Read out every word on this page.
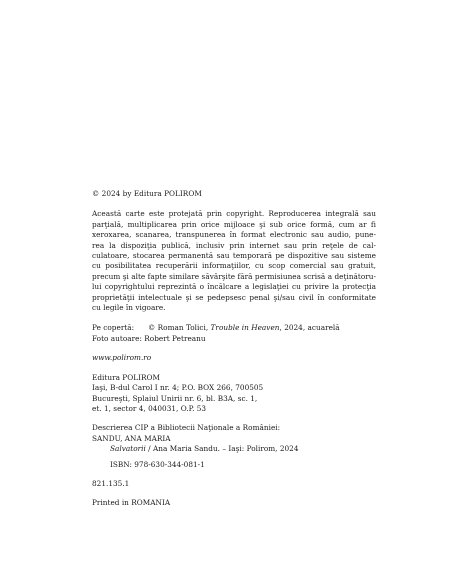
© 2024 by Editura POLIROM

Această carte este protejată prin copyright. Reproducerea integrală sau
parţială, multiplicarea prin orice mijloace şi sub orice formă, cum ar fi
xeroxarea, scanarea, transpunerea în format electronic sau audio, pune-
rea la dispoziţia publică, inclusiv prin internet sau prin reţele de cal-
culatoare, stocarea permanentă sau temporară pe dispozitive sau sisteme
cu posibilitatea recuperării informaţiilor, cu scop comercial sau gratuit,
precum şi alte fapte similare săvârşite fără permisiunea scrisă a deţinătoru-
lui copyrightului reprezintă o încălcare a legislaţiei cu privire la protecţia
proprietăţii intelectuale şi se pedepsesc penal şi/sau civil în conformitate
cu legile în vigoare.
Pe copertă:	© Roman Tolici,
Trouble in Heaven , 2024, acuarelă

Foto autoare: Robert Petreanu

www.polirom.ro

Editura POLIROM

Iaşi, B-dul Carol I nr. 4; P.O. BOX 266, 700505

Bucureşti, Splaiul Unirii nr. 6, bl. B3A, sc. 1,

et. 1, sector 4, 040031, O.P. 53

Descrierea CIP a Bibliotecii Naţionale a României:

SANDU, ANA MARIA

Salvatorii / Ana Maria Sandu. – Iaşi: Polirom, 2024

ISBN: 978-630-344-081-1

821.135.1

Printed in ROMANIA
